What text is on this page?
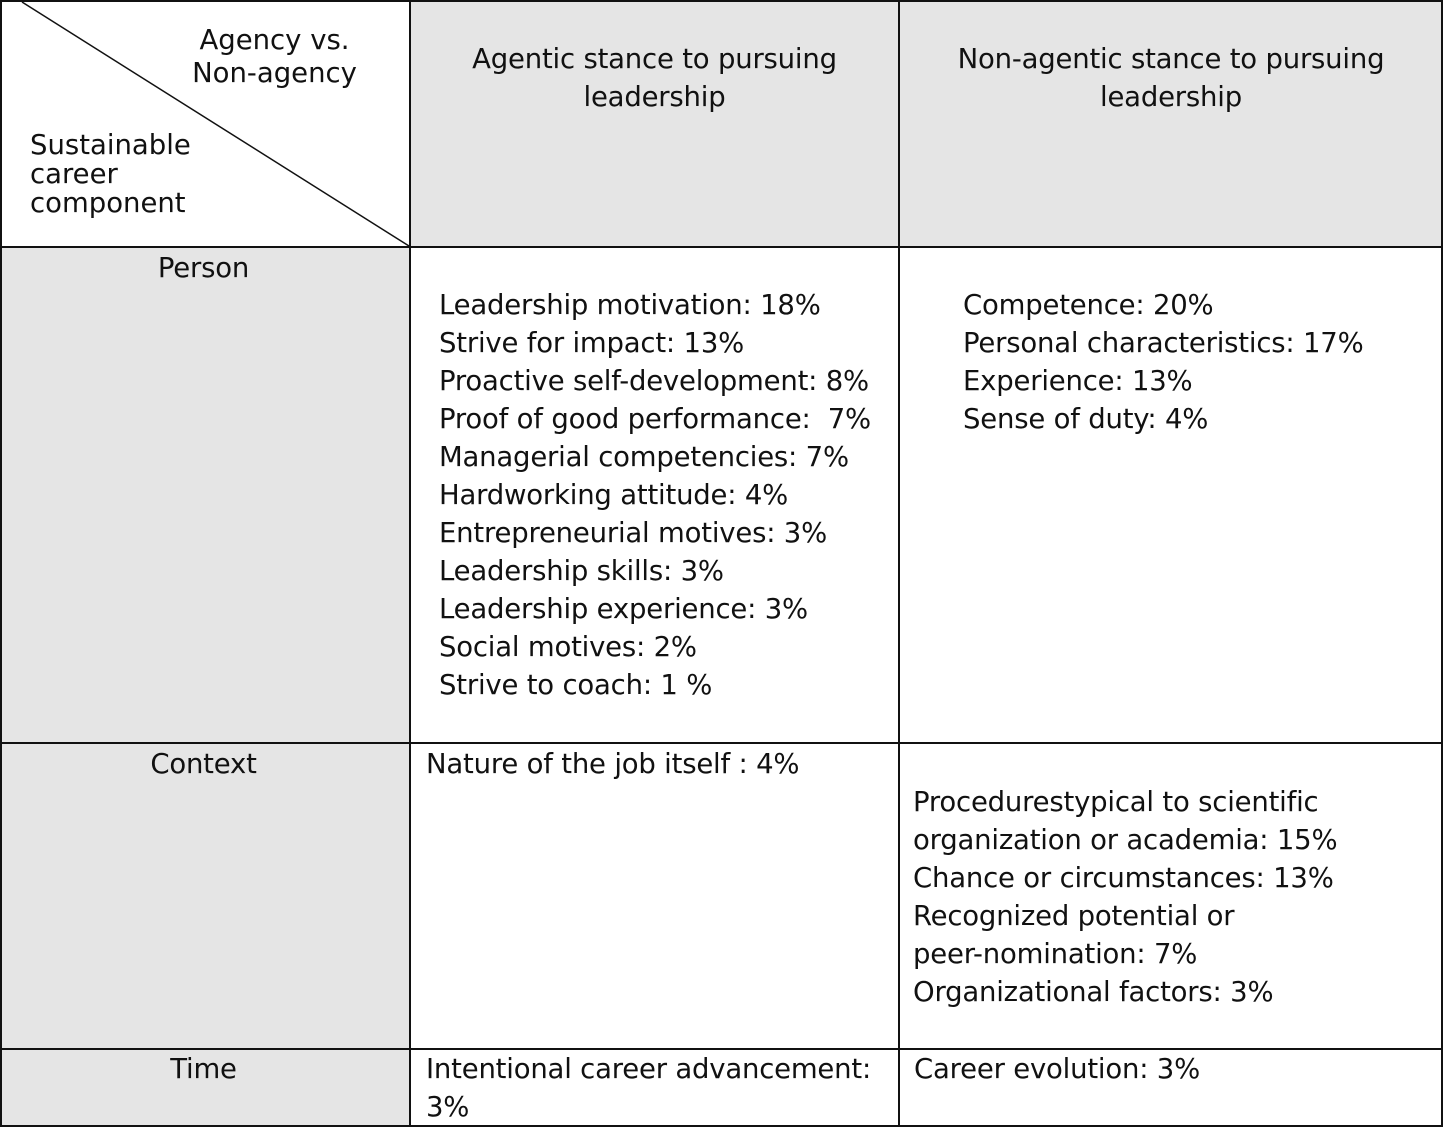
Agency vs.
Non-agency
Sustainable
career
component
Agentic stance to pursuing
leadership
Non-agentic stance to pursuing
leadership
Person
Context
Time
Leadership motivation: 18%
Strive for impact: 13%
Proactive self-development: 8%
Proof of good performance:  7%
Managerial competencies: 7%
Hardworking attitude: 4%
Entrepreneurial motives: 3%
Leadership skills: 3%
Leadership experience: 3%
Social motives: 2%
Strive to coach: 1 %
Competence: 20%
Personal characteristics: 17%
Experience: 13%
Sense of duty: 4%
Nature of the job itself : 4%
Procedurestypical to scientific
organization or academia: 15%
Chance or circumstances: 13%
Recognized potential or
peer-nomination: 7%
Organizational factors: 3%
Intentional career advancement:
3%
Career evolution: 3%
